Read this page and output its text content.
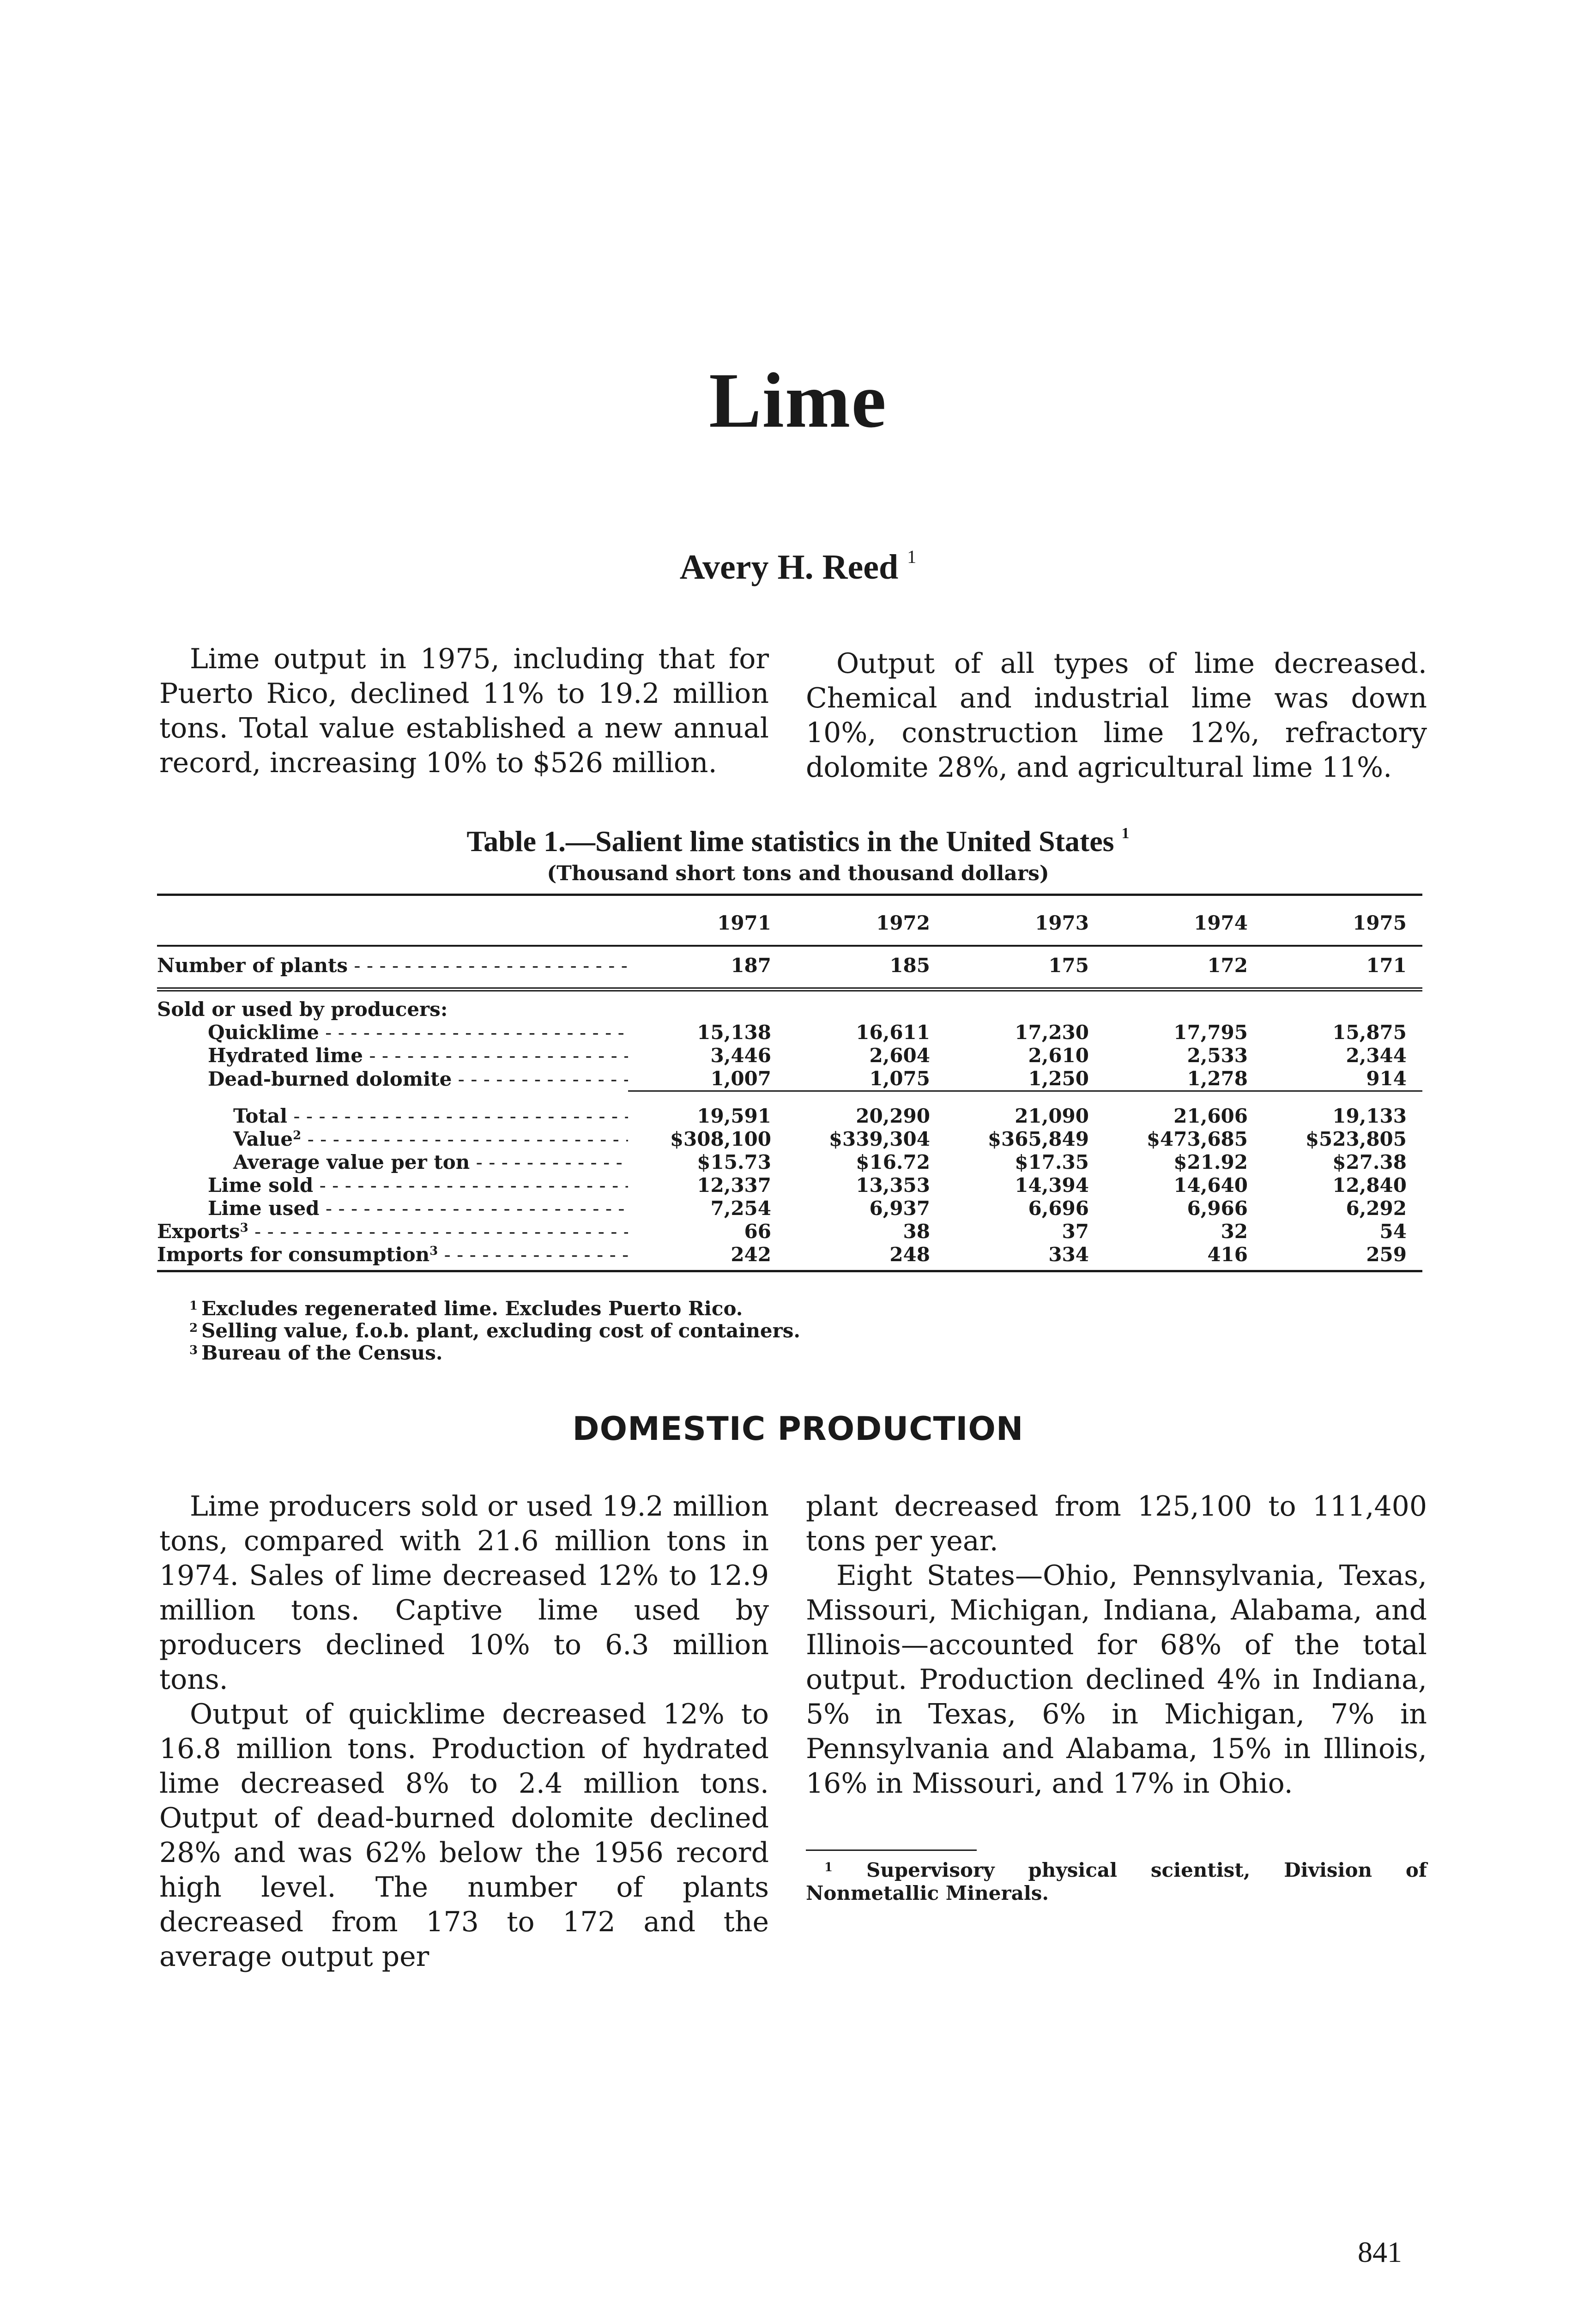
Lime
Avery H. Reed $^1$

Lime output in 1975, including that for Puerto Rico, declined 11% to 19.2 million tons. Total value established a new annual record, increasing 10% to $526 million.

Output of all types of lime decreased. Chemical and industrial lime was down 10%, construction lime 12%, refractory dolomite 28%, and agricultural lime 11%.

Table 1.—Salient lime statistics in the United States $^1$
(Thousand short tons and thousand dollars)
	1971	1972	1973	1974	1975
Number of plants - - -	187	185	175	172	171
Sold or used by producers:					
Quicklime - - -	15,138	16,611	17,230	17,795	15,875
Hydrated lime - - -	3,446	2,604	2,610	2,533	2,344
Dead-burned dolomite - - -	1,007	1,075	1,250	1,278	914

Total - - -	19,591	20,290	21,090	21,606	19,133
Value$^2$ - - -	$308,100	$339,304	$365,849	$473,685	$523,805
Average value per ton - - -	$15.73	$16.72	$17.35	$21.92	$27.38
Lime sold - - -	12,337	13,353	14,394	14,640	12,840
Lime used - - -	7,254	6,937	6,696	6,966	6,292
Exports$^3$ - - -	66	38	37	32	54
Imports for consumption$^3$ - - -	242	248	334	416	259
$^1$ Excludes regenerated lime. Excludes Puerto Rico.
$^2$ Selling value, f.o.b. plant, excluding cost of containers.
$^3$ Bureau of the Census.
DOMESTIC PRODUCTION

Lime producers sold or used 19.2 million tons, compared with 21.6 million tons in 1974. Sales of lime decreased 12% to 12.9 million tons. Captive lime used by producers declined 10% to 6.3 million tons.

Output of quicklime decreased 12% to 16.8 million tons. Production of hydrated lime decreased 8% to 2.4 million tons. Output of dead-burned dolomite declined 28% and was 62% below the 1956 record high level. The number of plants decreased from 173 to 172 and the average output per

plant decreased from 125,100 to 111,400 tons per year.

Eight States—Ohio, Pennsylvania, Texas, Missouri, Michigan, Indiana, Alabama, and Illinois—accounted for 68% of the total output. Production declined 4% in Indiana, 5% in Texas, 6% in Michigan, 7% in Pennsylvania and Alabama, 15% in Illinois, 16% in Missouri, and 17% in Ohio.

$^1$ Supervisory physical scientist, Division of Nonmetallic Minerals.
841
